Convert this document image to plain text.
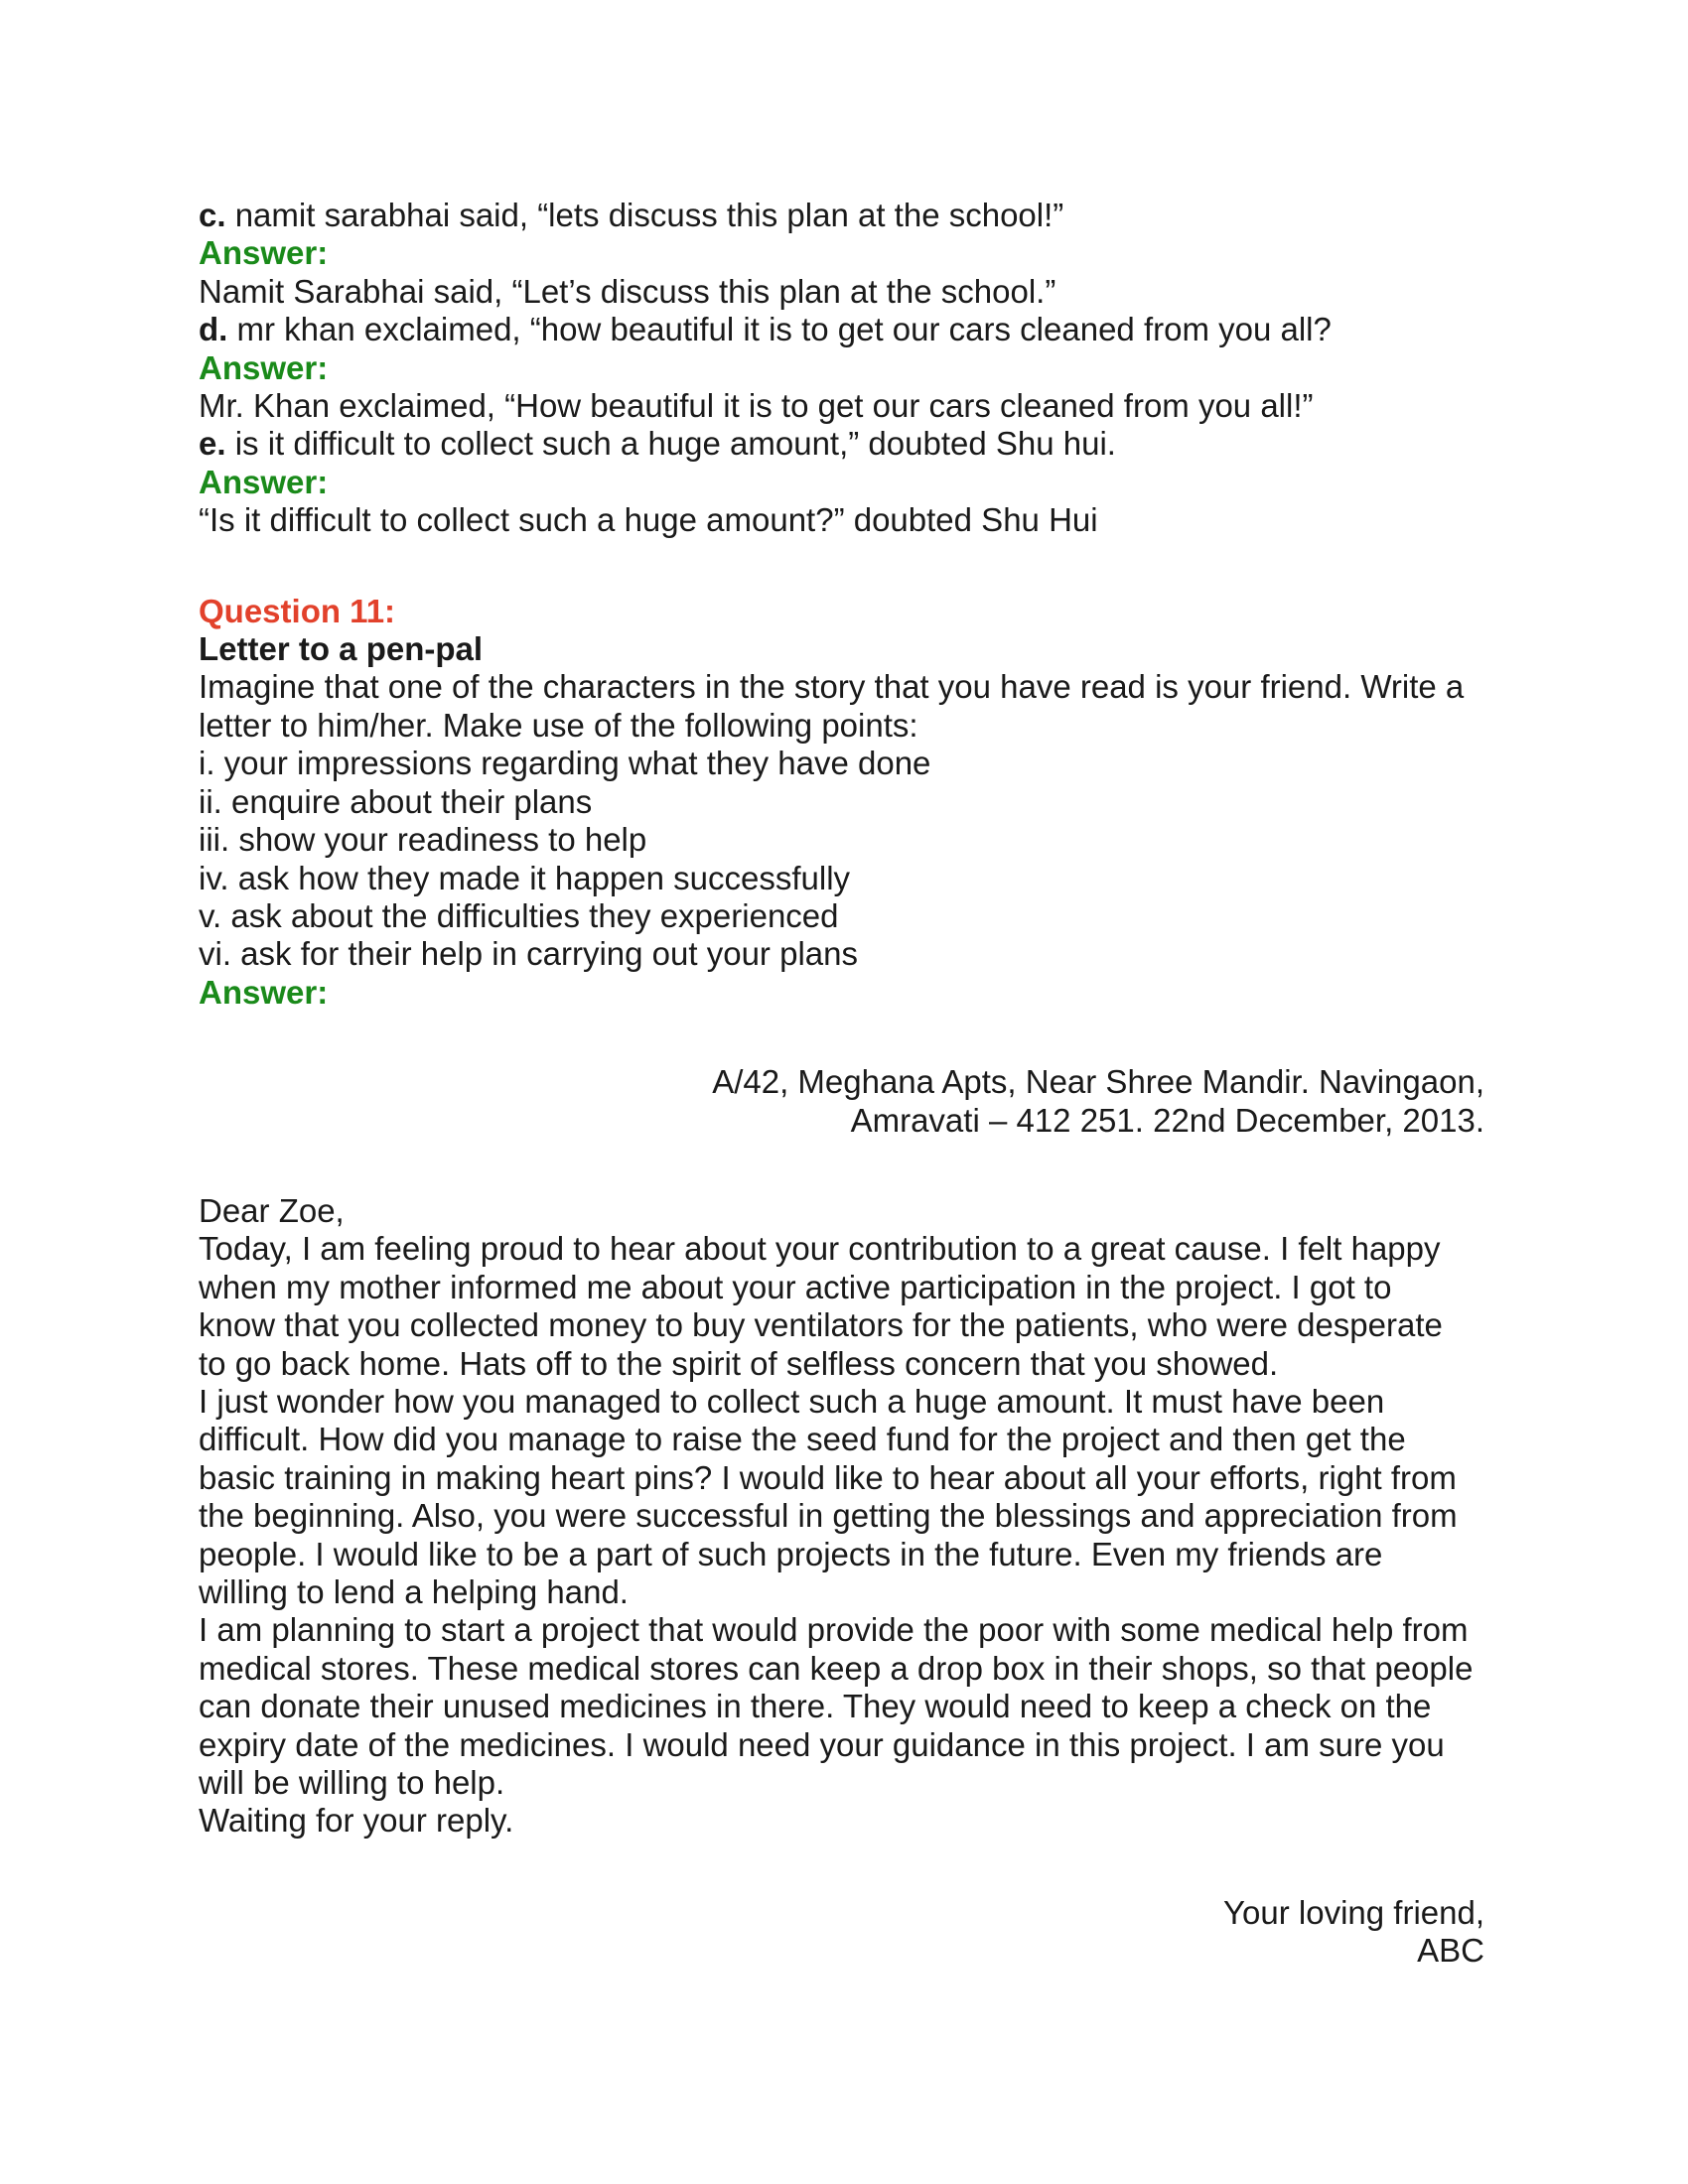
c. namit sarabhai said, “lets discuss this plan at the school!”
Answer:
Namit Sarabhai said, “Let’s discuss this plan at the school.”
d. mr khan exclaimed, “how beautiful it is to get our cars cleaned from you all?
Answer:
Mr. Khan exclaimed, “How beautiful it is to get our cars cleaned from you all!”
e. is it difficult to collect such a huge amount,” doubted Shu hui.
Answer:
“Is it difficult to collect such a huge amount?” doubted Shu Hui
Question 11:
Letter to a pen-pal
Imagine that one of the characters in the story that you have read is your friend. Write a
letter to him/her. Make use of the following points:
i. your impressions regarding what they have done
ii. enquire about their plans
iii. show your readiness to help
iv. ask how they made it happen successfully
v. ask about the difficulties they experienced
vi. ask for their help in carrying out your plans
Answer:
A/42, Meghana Apts, Near Shree Mandir. Navingaon,
Amravati – 412 251. 22nd December, 2013.
Dear Zoe,
Today, I am feeling proud to hear about your contribution to a great cause. I felt happy
when my mother informed me about your active participation in the project. I got to
know that you collected money to buy ventilators for the patients, who were desperate
to go back home. Hats off to the spirit of selfless concern that you showed.
I just wonder how you managed to collect such a huge amount. It must have been
difficult. How did you manage to raise the seed fund for the project and then get the
basic training in making heart pins? I would like to hear about all your efforts, right from
the beginning. Also, you were successful in getting the blessings and appreciation from
people. I would like to be a part of such projects in the future. Even my friends are
willing to lend a helping hand.
I am planning to start a project that would provide the poor with some medical help from
medical stores. These medical stores can keep a drop box in their shops, so that people
can donate their unused medicines in there. They would need to keep a check on the
expiry date of the medicines. I would need your guidance in this project. I am sure you
will be willing to help.
Waiting for your reply.
Your loving friend,
ABC
